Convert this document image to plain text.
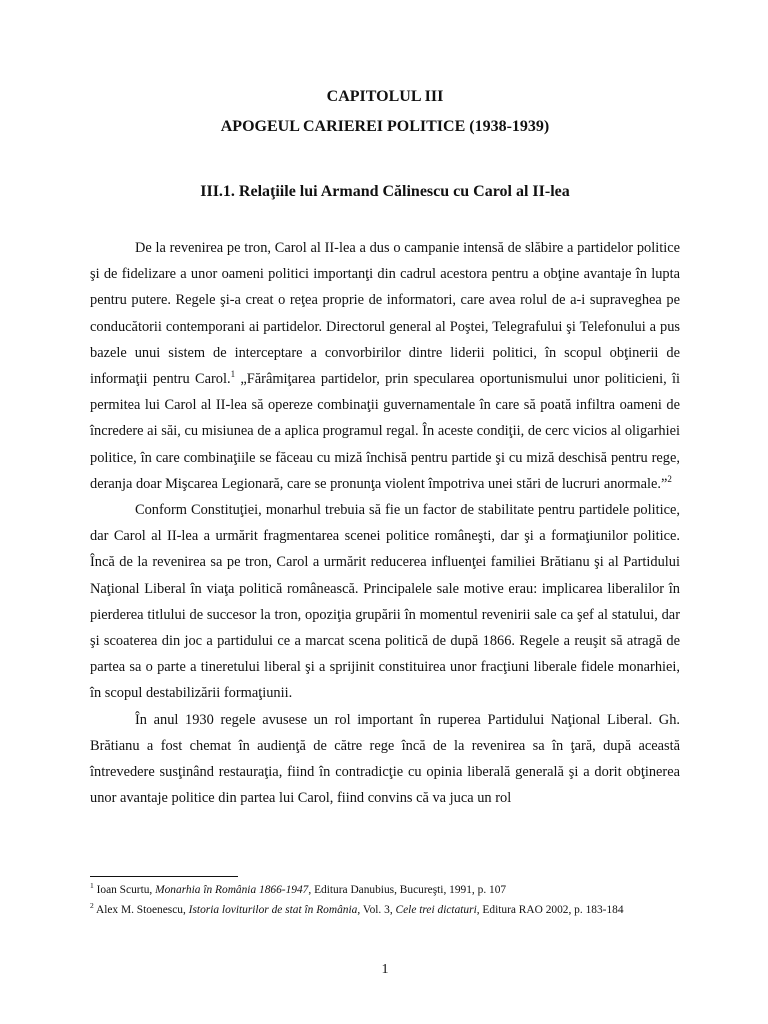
CAPITOLUL III
APOGEUL CARIEREI POLITICE (1938-1939)
III.1. Relaţiile lui Armand Călinescu cu Carol al II-lea

De la revenirea pe tron, Carol al II-lea a dus o campanie intensă de slăbire a partidelor politice şi de fidelizare a unor oameni politici importanţi din cadrul acestora pentru a obţine avantaje în lupta pentru putere. Regele şi-a creat o reţea proprie de informatori, care avea rolul de a-i supraveghea pe conducătorii contemporani ai partidelor. Directorul general al Poştei, Telegrafului şi Telefonului a pus bazele unui sistem de interceptare a convorbirilor dintre liderii politici, în scopul obţinerii de informaţii pentru Carol.$^1$ „Fărâmiţarea partidelor, prin specularea oportunismului unor politicieni, îi permitea lui Carol al II-lea să opereze combinaţii guvernamentale în care să poată infiltra oameni de încredere ai săi, cu misiunea de a aplica programul regal. În aceste condiţii, de cerc vicios al oligarhiei politice, în care combinaţiile se făceau cu miză închisă pentru partide şi cu miză deschisă pentru rege, deranja doar Mişcarea Legionară, care se pronunţa violent împotriva unei stări de lucruri anormale.”$^2$

Conform Constituţiei, monarhul trebuia să fie un factor de stabilitate pentru partidele politice, dar Carol al II-lea a urmărit fragmentarea scenei politice româneşti, dar şi a formaţiunilor politice. Încă de la revenirea sa pe tron, Carol a urmărit reducerea influenţei familiei Brătianu şi al Partidului Naţional Liberal în viaţa politică românească. Principalele sale motive erau: implicarea liberalilor în pierderea titlului de succesor la tron, opoziţia grupării în momentul revenirii sale ca şef al statului, dar şi scoaterea din joc a partidului ce a marcat scena politică de după 1866. Regele a reuşit să atragă de partea sa o parte a tineretului liberal şi a sprijinit constituirea unor fracţiuni liberale fidele monarhiei, în scopul destabilizării formaţiunii.

În anul 1930 regele avusese un rol important în ruperea Partidului Naţional Liberal. Gh. Brătianu a fost chemat în audienţă de către rege încă de la revenirea sa în ţară, după această întrevedere susţinând restauraţia, fiind în contradicţie cu opinia liberală generală şi a dorit obţinerea unor avantaje politice din partea lui Carol, fiind convins că va juca un rol

$^1$ Ioan Scurtu, Monarhia în România 1866-1947, Editura Danubius, Bucureşti, 1991, p. 107
$^2$ Alex M. Stoenescu, Istoria loviturilor de stat în România, Vol. 3, Cele trei dictaturi, Editura RAO 2002, p. 183-184
1
